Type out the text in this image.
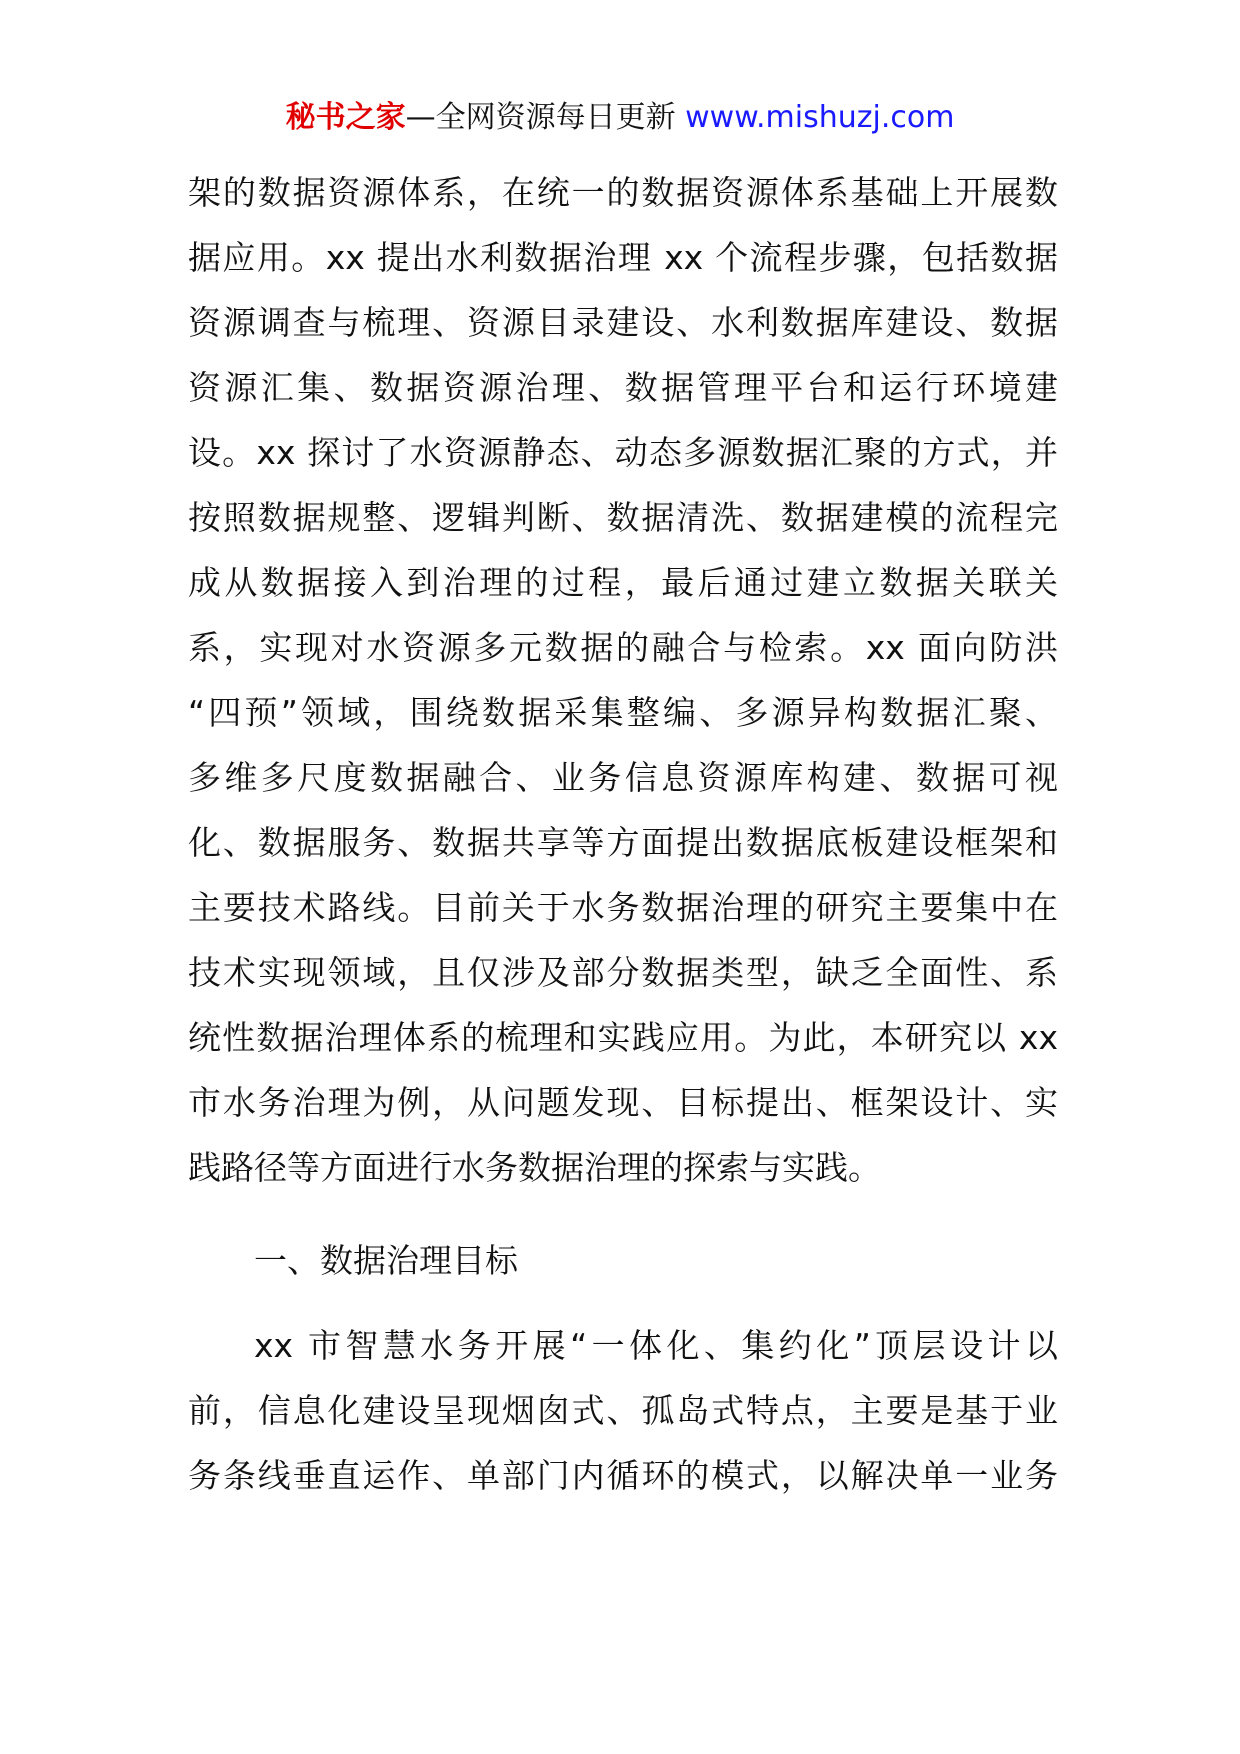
秘书之家—全网资源每日更新 www.mishuzj.com
架的数据资源体系，在统一的数据资源体系基础上开展数
据应用。xx 提出水利数据治理 xx 个流程步骤，包括数据
资源调查与梳理、资源目录建设、水利数据库建设、数据
资源汇集、数据资源治理、数据管理平台和运行环境建
设。xx 探讨了水资源静态、动态多源数据汇聚的方式，并
按照数据规整、逻辑判断、数据清洗、数据建模的流程完
成从数据接入到治理的过程，最后通过建立数据关联关
系，实现对水资源多元数据的融合与检索。xx 面向防洪
“四预”领域，围绕数据采集整编、多源异构数据汇聚、
多维多尺度数据融合、业务信息资源库构建、数据可视
化、数据服务、数据共享等方面提出数据底板建设框架和
主要技术路线。目前关于水务数据治理的研究主要集中在
技术实现领域，且仅涉及部分数据类型，缺乏全面性、系
统性数据治理体系的梳理和实践应用。为此，本研究以 xx
市水务治理为例，从问题发现、目标提出、框架设计、实
践路径等方面进行水务数据治理的探索与实践。
一、数据治理目标
xx 市智慧水务开展“一体化、集约化”顶层设计以
前，信息化建设呈现烟囱式、孤岛式特点，主要是基于业
务条线垂直运作、单部门内循环的模式，以解决单一业务
